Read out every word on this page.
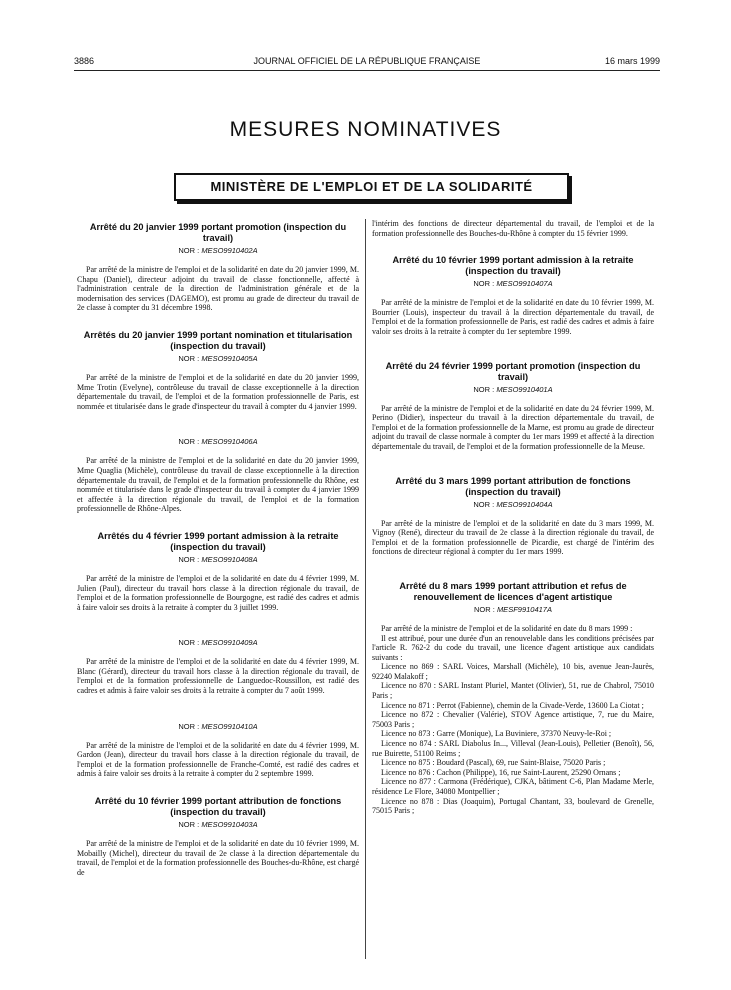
3886	JOURNAL OFFICIEL DE LA RÉPUBLIQUE FRANÇAISE	16 mars 1999
MESURES NOMINATIVES
MINISTÈRE DE L'EMPLOI ET DE LA SOLIDARITÉ
Arrêté du 20 janvier 1999 portant promotion (inspection du travail)
NOR : MESO9910402A

Par arrêté de la ministre de l'emploi et de la solidarité en date du 20 janvier 1999, M. Chapu (Daniel), directeur adjoint du travail de classe fonctionnelle, affecté à l'administration centrale de la direction de l'administration générale et de la modernisation des services (DAGEMO), est promu au grade de directeur du travail de 2e classe à compter du 31 décembre 1998.

Arrêtés du 20 janvier 1999 portant nomination et titularisation (inspection du travail)
NOR : MESO9910405A

Par arrêté de la ministre de l'emploi et de la solidarité en date du 20 janvier 1999, Mme Trotin (Evelyne), contrôleuse du travail de classe exceptionnelle à la direction départementale du travail, de l'emploi et de la formation professionnelle de Paris, est nommée et titularisée dans le grade d'inspecteur du travail à compter du 4 janvier 1999.

NOR : MESO9910406A

Par arrêté de la ministre de l'emploi et de la solidarité en date du 20 janvier 1999, Mme Quaglia (Michèle), contrôleuse du travail de classe exceptionnelle à la direction départementale du travail, de l'emploi et de la formation professionnelle du Rhône, est nommée et titularisée dans le grade d'inspecteur du travail à compter du 4 janvier 1999 et affectée à la direction régionale du travail, de l'emploi et de la formation professionnelle de Rhône-Alpes.

Arrêtés du 4 février 1999 portant admission à la retraite (inspection du travail)
NOR : MESO9910408A

Par arrêté de la ministre de l'emploi et de la solidarité en date du 4 février 1999, M. Julien (Paul), directeur du travail hors classe à la direction régionale du travail, de l'emploi et de la formation professionnelle de Bourgogne, est radié des cadres et admis à faire valoir ses droits à la retraite à compter du 3 juillet 1999.

NOR : MESO9910409A

Par arrêté de la ministre de l'emploi et de la solidarité en date du 4 février 1999, M. Blanc (Gérard), directeur du travail hors classe à la direction régionale du travail, de l'emploi et de la formation professionnelle de Languedoc-Roussillon, est radié des cadres et admis à faire valoir ses droits à la retraite à compter du 7 août 1999.

NOR : MESO9910410A

Par arrêté de la ministre de l'emploi et de la solidarité en date du 4 février 1999, M. Gardon (Jean), directeur du travail hors classe à la direction régionale du travail, de l'emploi et de la formation professionnelle de Franche-Comté, est radié des cadres et admis à faire valoir ses droits à la retraite à compter du 2 septembre 1999.

Arrêté du 10 février 1999 portant attribution de fonctions (inspection du travail)
NOR : MESO9910403A

Par arrêté de la ministre de l'emploi et de la solidarité en date du 10 février 1999, M. Mobailly (Michel), directeur du travail de 2e classe à la direction départementale du travail, de l'emploi et de la formation professionnelle des Bouches-du-Rhône, est chargé de

l'intérim des fonctions de directeur départemental du travail, de l'emploi et de la formation professionnelle des Bouches-du-Rhône à compter du 15 février 1999.

Arrêté du 10 février 1999 portant admission à la retraite (inspection du travail)
NOR : MESO9910407A

Par arrêté de la ministre de l'emploi et de la solidarité en date du 10 février 1999, M. Bourrier (Louis), inspecteur du travail à la direction départementale du travail, de l'emploi et de la formation professionnelle de Paris, est radié des cadres et admis à faire valoir ses droits à la retraite à compter du 1er septembre 1999.

Arrêté du 24 février 1999 portant promotion (inspection du travail)
NOR : MESO9910401A

Par arrêté de la ministre de l'emploi et de la solidarité en date du 24 février 1999, M. Perino (Didier), inspecteur du travail à la direction départementale du travail, de l'emploi et de la formation professionnelle de la Marne, est promu au grade de directeur adjoint du travail de classe normale à compter du 1er mars 1999 et affecté à la direction départementale du travail, de l'emploi et de la formation professionnelle de la Meuse.

Arrêté du 3 mars 1999 portant attribution de fonctions (inspection du travail)
NOR : MESO9910404A

Par arrêté de la ministre de l'emploi et de la solidarité en date du 3 mars 1999, M. Vignoy (René), directeur du travail de 2e classe à la direction régionale du travail, de l'emploi et de la formation professionnelle de Picardie, est chargé de l'intérim des fonctions de directeur régional à compter du 1er mars 1999.

Arrêté du 8 mars 1999 portant attribution et refus de renouvellement de licences d'agent artistique
NOR : MESF9910417A

Par arrêté de la ministre de l'emploi et de la solidarité en date du 8 mars 1999 :

Il est attribué, pour une durée d'un an renouvelable dans les conditions précisées par l'article R. 762-2 du code du travail, une licence d'agent artistique aux candidats suivants :

Licence no 869 : SARL Voices, Marshall (Michèle), 10 bis, avenue Jean-Jaurès, 92240 Malakoff ;

Licence no 870 : SARL Instant Pluriel, Mantet (Olivier), 51, rue de Chabrol, 75010 Paris ;

Licence no 871 : Perrot (Fabienne), chemin de la Civade-Verde, 13600 La Ciotat ;

Licence no 872 : Chevalier (Valérie), STOV Agence artistique, 7, rue du Maire, 75003 Paris ;

Licence no 873 : Garre (Monique), La Buviniere, 37370 Neuvy-le-Roi ;

Licence no 874 : SARL Diabolus In..., Villeval (Jean-Louis), Pelletier (Benoît), 56, rue Buirette, 51100 Reims ;

Licence no 875 : Boudard (Pascal), 69, rue Saint-Blaise, 75020 Paris ;

Licence no 876 : Cachon (Philippe), 16, rue Saint-Laurent, 25290 Ornans ;

Licence no 877 : Carmona (Frédérique), CJKA, bâtiment C-6, Plan Madame Merle, résidence Le Flore, 34080 Montpellier ;

Licence no 878 : Dias (Joaquim), Portugal Chantant, 33, boulevard de Grenelle, 75015 Paris ;
